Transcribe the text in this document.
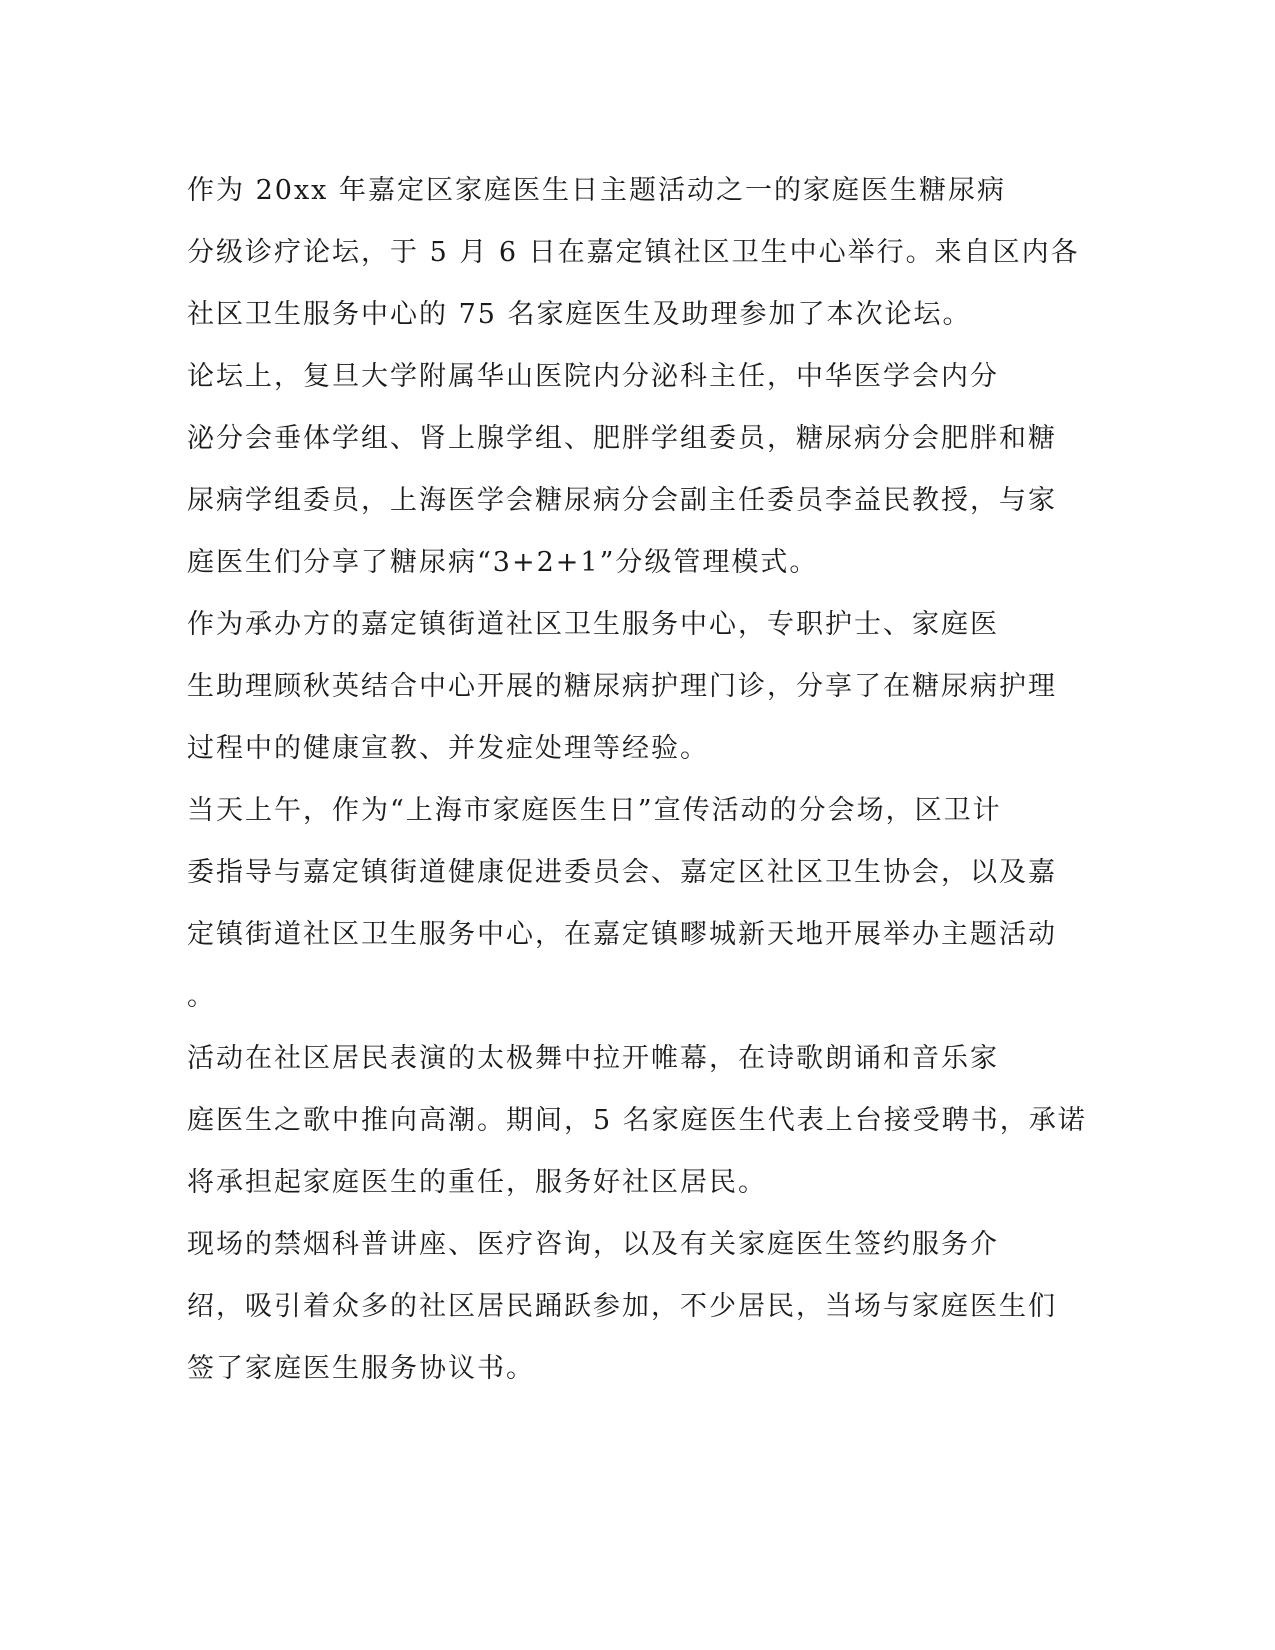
作为 20xx 年嘉定区家庭医生日主题活动之一的家庭医生糖尿病
分级诊疗论坛，于 5 月 6 日在嘉定镇社区卫生中心举行。来自区内各
社区卫生服务中心的 75 名家庭医生及助理参加了本次论坛。

论坛上，复旦大学附属华山医院内分泌科主任，中华医学会内分
泌分会垂体学组、肾上腺学组、肥胖学组委员，糖尿病分会肥胖和糖
尿病学组委员，上海医学会糖尿病分会副主任委员李益民教授，与家
庭医生们分享了糖尿病“3+2+1”分级管理模式。

作为承办方的嘉定镇街道社区卫生服务中心，专职护士、家庭医
生助理顾秋英结合中心开展的糖尿病护理门诊，分享了在糖尿病护理
过程中的健康宣教、并发症处理等经验。

当天上午，作为“上海市家庭医生日”宣传活动的分会场，区卫计
委指导与嘉定镇街道健康促进委员会、嘉定区社区卫生协会，以及嘉
定镇街道社区卫生服务中心，在嘉定镇疁城新天地开展举办主题活动
。

活动在社区居民表演的太极舞中拉开帷幕，在诗歌朗诵和音乐家
庭医生之歌中推向高潮。期间，5 名家庭医生代表上台接受聘书，承诺
将承担起家庭医生的重任，服务好社区居民。

现场的禁烟科普讲座、医疗咨询，以及有关家庭医生签约服务介
绍，吸引着众多的社区居民踊跃参加，不少居民，当场与家庭医生们
签了家庭医生服务协议书。
